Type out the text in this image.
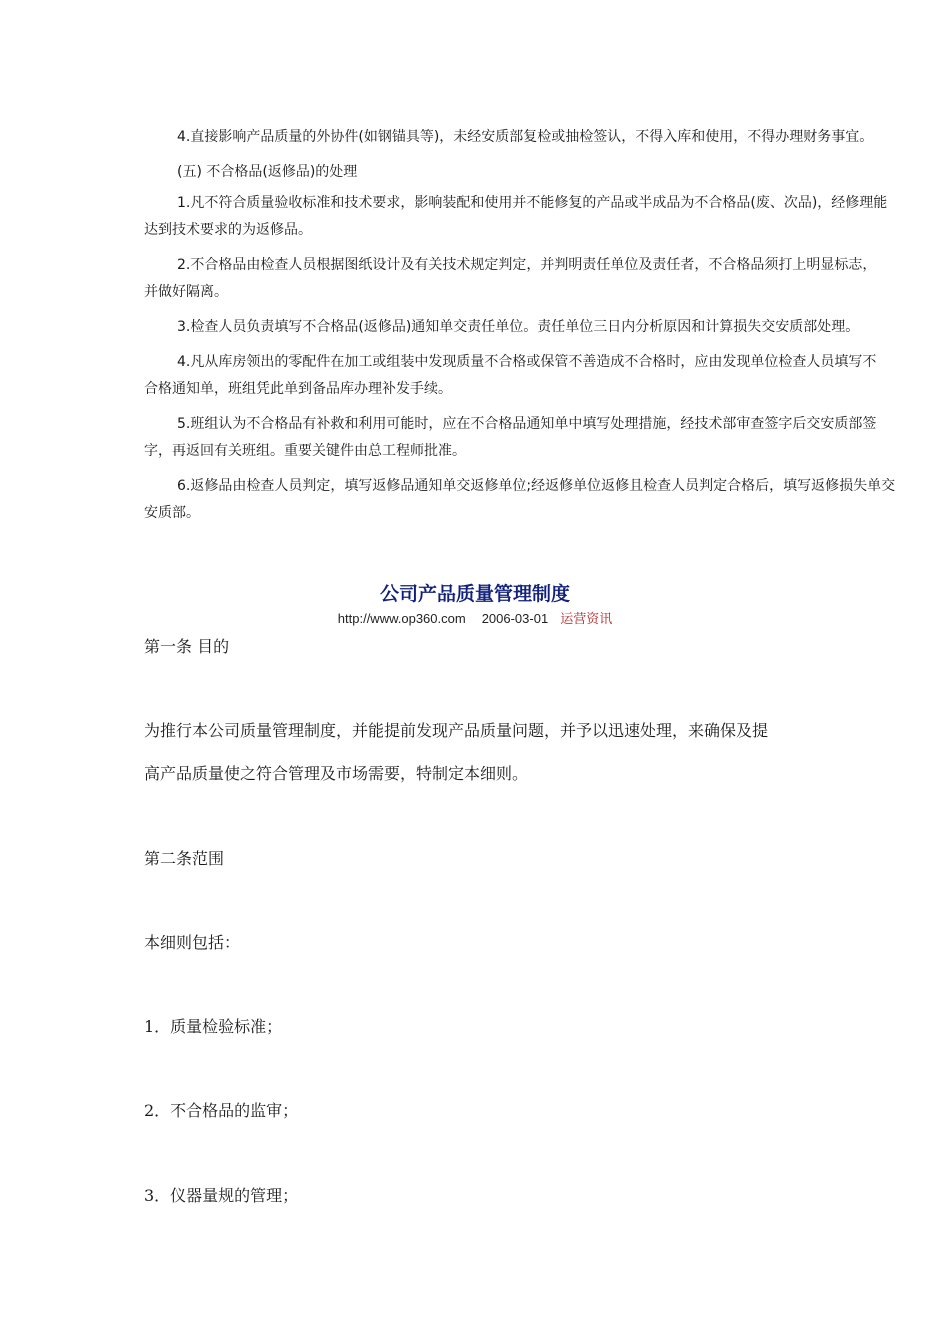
4.直接影响产品质量的外协件(如钢锚具等)，未经安质部复检或抽检签认，不得入库和使用，不得办理财务事宜。

(五) 不合格品(返修品)的处理

1.凡不符合质量验收标准和技术要求，影响装配和使用并不能修复的产品或半成品为不合格品(废、次品)，经修理能达到技术要求的为返修品。

2.不合格品由检查人员根据图纸设计及有关技术规定判定，并判明责任单位及责任者，不合格品须打上明显标志，并做好隔离。

3.检查人员负责填写不合格品(返修品)通知单交责任单位。责任单位三日内分析原因和计算损失交安质部处理。

4.凡从库房领出的零配件在加工或组装中发现质量不合格或保管不善造成不合格时，应由发现单位检查人员填写不合格通知单，班组凭此单到备品库办理补发手续。

5.班组认为不合格品有补救和利用可能时，应在不合格品通知单中填写处理措施，经技术部审查签字后交安质部签字，再返回有关班组。重要关键件由总工程师批准。

6.返修品由检查人员判定，填写返修品通知单交返修单位;经返修单位返修且检查人员判定合格后，填写返修损失单交安质部。

公司产品质量管理制度
http://www.op360.com 2006-03-01 运营资讯

第一条 目的

为推行本公司质量管理制度，并能提前发现产品质量问题，并予以迅速处理，来确保及提

高产品质量使之符合管理及市场需要，特制定本细则。

第二条范围

本细则包括：

1．质量检验标准；

2．不合格品的监审；

3．仪器量规的管理；
